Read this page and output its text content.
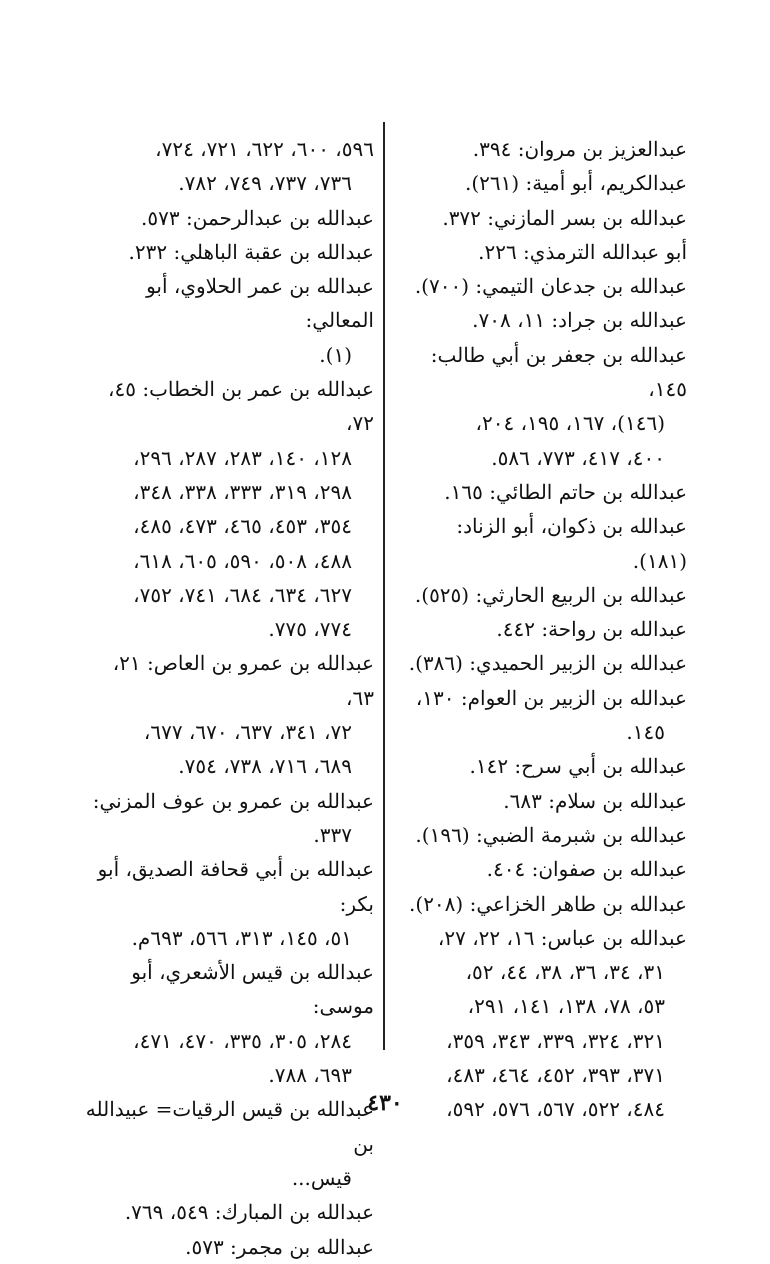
عبدالعزيز بن مروان: ٣٩٤.
عبدالكريم، أبو أمية: (٢٦١).
عبدالله بن بسر المازني: ٣٧٢.
أبو عبدالله الترمذي: ٢٢٦.
عبدالله بن جدعان التيمي: (٧٠٠).
عبدالله بن جراد: ١١، ٧٠٨.
عبدالله بن جعفر بن أبي طالب: ١٤٥،
(١٤٦)، ١٦٧، ١٩٥، ٢٠٤،
٤٠٠، ٤١٧، ٧٧٣، ٥٨٦.
عبدالله بن حاتم الطائي: ١٦٥.
عبدالله بن ذكوان، أبو الزناد: (١٨١).
عبدالله بن الربيع الحارثي: (٥٢٥).
عبدالله بن رواحة: ٤٤٢.
عبدالله بن الزبير الحميدي: (٣٨٦).
عبدالله بن الزبير بن العوام: ١٣٠،
١٤٥.
عبدالله بن أبي سرح: ١٤٢.
عبدالله بن سلام: ٦٨٣.
عبدالله بن شبرمة الضبي: (١٩٦).
عبدالله بن صفوان: ٤٠٤.
عبدالله بن طاهر الخزاعي: (٢٠٨).
عبدالله بن عباس: ١٦، ٢٢، ٢٧،
٣١، ٣٤، ٣٦، ٣٨، ٤٤، ٥٢،
٥٣، ٧٨، ١٣٨، ١٤١، ٢٩١،
٣٢١، ٣٢٤، ٣٣٩، ٣٤٣، ٣٥٩،
٣٧١، ٣٩٣، ٤٥٢، ٤٦٤، ٤٨٣،
٤٨٤، ٥٢٢، ٥٦٧، ٥٧٦، ٥٩٢،
٥٩٦، ٦٠٠، ٦٢٢، ٧٢١، ٧٢٤،
٧٣٦، ٧٣٧، ٧٤٩، ٧٨٢.
عبدالله بن عبدالرحمن: ٥٧٣.
عبدالله بن عقبة الباهلي: ٢٣٢.
عبدالله بن عمر الحلاوي، أبو المعالي:
(١).
عبدالله بن عمر بن الخطاب: ٤٥، ٧٢،
١٢٨، ١٤٠، ٢٨٣، ٢٨٧، ٢٩٦،
٢٩٨، ٣١٩، ٣٣٣، ٣٣٨، ٣٤٨،
٣٥٤، ٤٥٣، ٤٦٥، ٤٧٣، ٤٨٥،
٤٨٨، ٥٠٨، ٥٩٠، ٦٠٥، ٦١٨،
٦٢٧، ٦٣٤، ٦٨٤، ٧٤١، ٧٥٢،
٧٧٤، ٧٧٥.
عبدالله بن عمرو بن العاص: ٢١، ٦٣،
٧٢، ٣٤١، ٦٣٧، ٦٧٠، ٦٧٧،
٦٨٩، ٧١٦، ٧٣٨، ٧٥٤.
عبدالله بن عمرو بن عوف المزني:
٣٣٧.
عبدالله بن أبي قحافة الصديق، أبو بكر:
٥١، ١٤٥، ٣١٣، ٥٦٦، ٦٩٣م.
عبدالله بن قيس الأشعري، أبو موسى:
٢٨٤، ٣٠٥، ٣٣٥، ٤٧٠، ٤٧١،
٦٩٣، ٧٨٨.
عبدالله بن قيس الرقيات= عبيدالله بن
قيس...
عبدالله بن المبارك: ٥٤٩، ٧٦٩.
عبدالله بن مجمر: ٥٧٣.
٤٣٠
